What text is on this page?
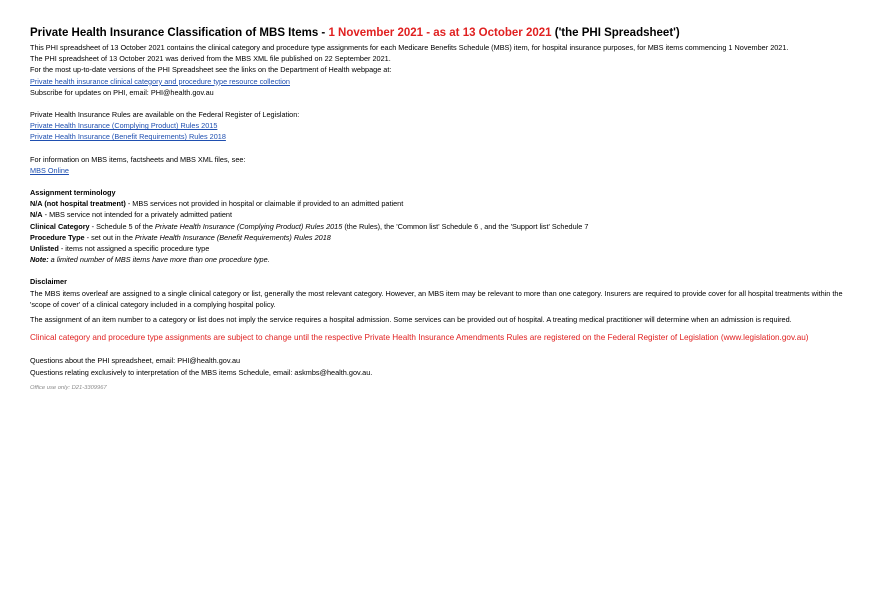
Private Health Insurance Classification of MBS Items - 1 November 2021 - as at 13 October 2021 ('the PHI Spreadsheet')
This PHI spreadsheet of 13 October 2021 contains the clinical category and procedure type assignments for each Medicare Benefits Schedule (MBS) item, for hospital insurance purposes, for MBS items commencing 1 November 2021.
The PHI spreadsheet of 13 October 2021 was derived from the MBS XML file published on 22 September 2021.
For the most up-to-date versions of the PHI Spreadsheet see the links on the Department of Health webpage at:
Private health insurance clinical category and procedure type resource collection
Subscribe for updates on PHI, email: PHI@health.gov.au
Private Health Insurance Rules are available on the Federal Register of Legislation:
Private Health Insurance (Complying Product) Rules 2015
Private Health Insurance (Benefit Requirements) Rules 2018
For information on MBS items, factsheets and MBS XML files, see:
MBS Online
Assignment terminology
N/A (not hospital treatment) - MBS services not provided in hospital or claimable if provided to an admitted patient
N/A - MBS service not intended for a privately admitted patient
Clinical Category - Schedule 5 of the Private Health Insurance (Complying Product) Rules 2015 (the Rules), the 'Common list' Schedule 6 , and the 'Support list' Schedule 7
Procedure Type - set out in the Private Health Insurance (Benefit Requirements) Rules 2018
Unlisted - items not assigned a specific procedure type
Note: a limited number of MBS items have more than one procedure type.
Disclaimer
The MBS items overleaf are assigned to a single clinical category or list, generally the most relevant category. However, an MBS item may be relevant to more than one category. Insurers are required to provide cover for all hospital treatments within the 'scope of cover' of a clinical category included in a complying hospital policy.
The assignment of an item number to a category or list does not imply the service requires a hospital admission. Some services can be provided out of hospital. A treating medical practitioner will determine when an admission is required.
Clinical category and procedure type assignments are subject to change until the respective Private Health Insurance Amendments Rules are registered on the Federal Register of Legislation (www.legislation.gov.au)
Questions about the PHI spreadsheet, email: PHI@health.gov.au
Questions relating exclusively to interpretation of the MBS items Schedule, email: askmbs@health.gov.au.
Office use only: D21-3309967
